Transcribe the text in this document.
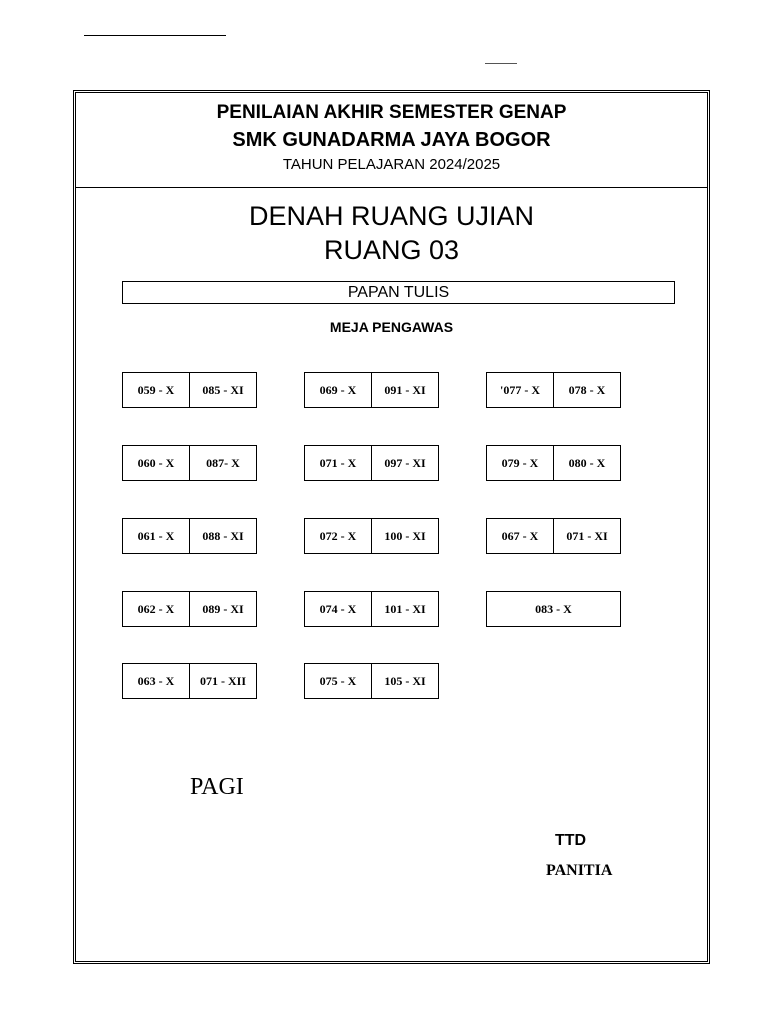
PENILAIAN AKHIR SEMESTER GENAP
SMK GUNADARMA JAYA BOGOR
TAHUN PELAJARAN 2024/2025
DENAH RUANG UJIAN
RUANG 03
PAPAN TULIS
MEJA PENGAWAS
059 - X	085 - XI	069 - X	091 - XI	'077 - X	078 - X
060 - X	087- X	071 - X	097 - XI	079 - X	080 - X
061 - X	088 - XI	072 - X	100 - XI	067 - X	071 - XI
062 - X	089 - XI	074 - X	101 - XI	083 - X
063 - X	071 - XII	075 - X	105 - XI
PAGI
TTD
PANITIA
